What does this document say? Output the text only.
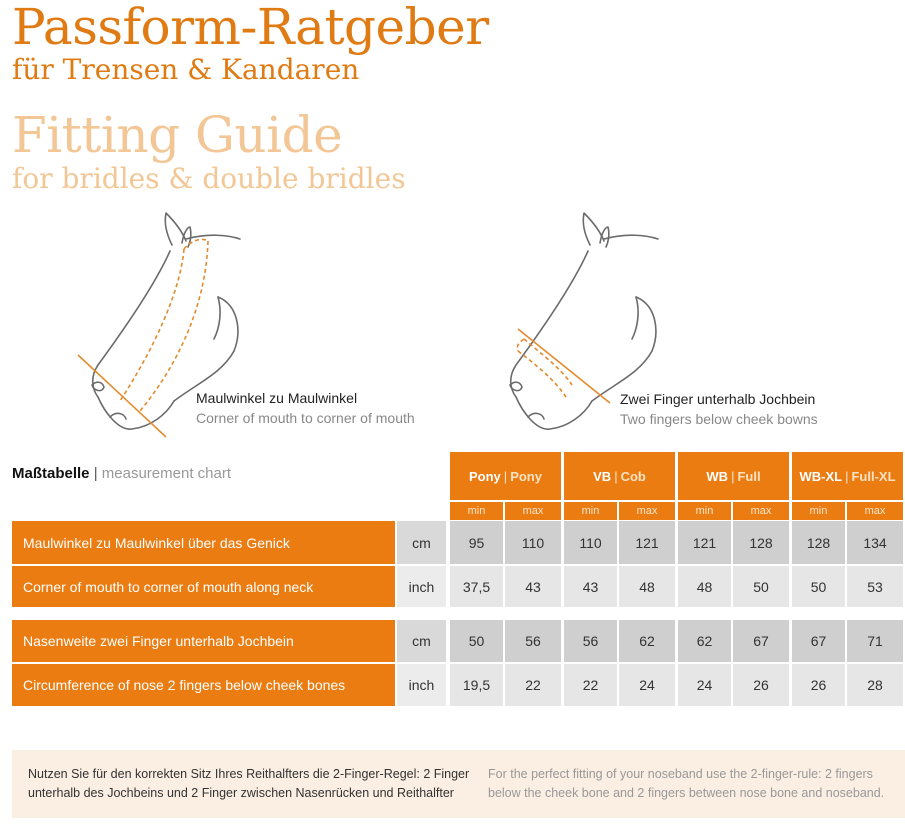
Passform-Ratgeber
für Trensen & Kandaren
Fitting Guide
for bridles & double bridles
Maulwinkel zu Maulwinkel
Corner of mouth to corner of mouth
Zwei Finger unterhalb Jochbein
Two fingers below cheek bowns
Maßtabelle | measurement chart	Pony | Pony	VB | Cob	WB | Full	WB-XL | Full-XL
min	max	min	max	min	max	min	max
Maulwinkel zu Maulwinkel über das Genick	cm	95	110	110	121	121	128	128	134
Corner of mouth to corner of mouth along neck	inch	37,5	43	43	48	48	50	50	53
Nasenweite zwei Finger unterhalb Jochbein	cm	50	56	56	62	62	67	67	71
Circumference of nose 2 fingers below cheek bones	inch	19,5	22	22	24	24	26	26	28
Nutzen Sie für den korrekten Sitz Ihres Reithalfters die 2-Finger-Regel: 2 Finger unterhalb des Jochbeins und 2 Finger zwischen Nasenrücken und Reithalfter
For the perfect fitting of your noseband use the 2-finger-rule: 2 fingers below the cheek bone and 2 fingers between nose bone and noseband.
